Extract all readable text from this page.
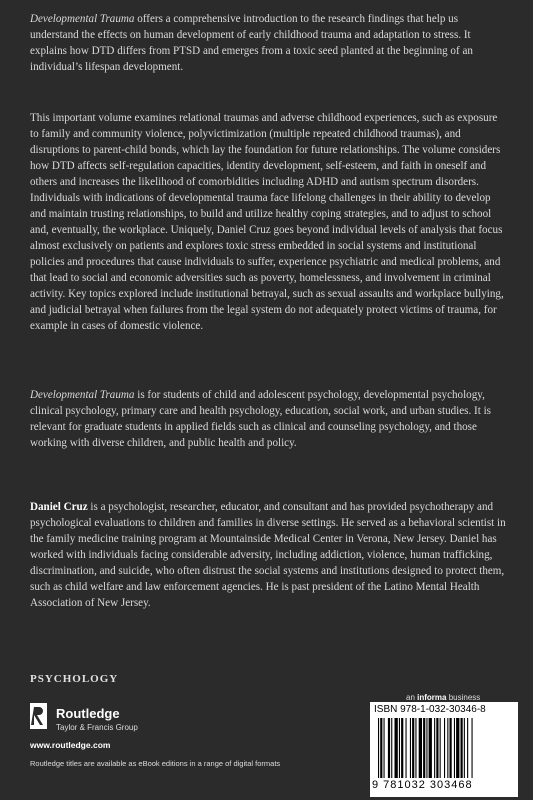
Developmental Trauma offers a comprehensive introduction to the research findings that help us understand the effects on human development of early childhood trauma and adaptation to stress. It explains how DTD differs from PTSD and emerges from a toxic seed planted at the beginning of an individual’s lifespan development.

This important volume examines relational traumas and adverse childhood experiences, such as exposure to family and community violence, polyvictimization (multiple repeated childhood traumas), and disruptions to parent-child bonds, which lay the foundation for future relationships. The volume considers how DTD affects self-regulation capacities, identity development, self-esteem, and faith in oneself and others and increases the likelihood of comorbidities including ADHD and autism spectrum disorders. Individuals with indications of developmental trauma face lifelong challenges in their ability to develop and maintain trusting relationships, to build and utilize healthy coping strategies, and to adjust to school and, eventually, the workplace. Uniquely, Daniel Cruz goes beyond individual levels of analysis that focus almost exclusively on patients and explores toxic stress embedded in social systems and institutional policies and procedures that cause individuals to suffer, experience psychiatric and medical problems, and that lead to social and economic adversities such as poverty, homelessness, and involvement in criminal activity. Key topics explored include institutional betrayal, such as sexual assaults and workplace bullying, and judicial betrayal when failures from the legal system do not adequately protect victims of trauma, for example in cases of domestic violence.

Developmental Trauma is for students of child and adolescent psychology, developmental psychology, clinical psychology, primary care and health psychology, education, social work, and urban studies. It is relevant for graduate students in applied fields such as clinical and counseling psychology, and those working with diverse children, and public health and policy.

Daniel Cruz is a psychologist, researcher, educator, and consultant and has provided psychotherapy and psychological evaluations to children and families in diverse settings. He served as a behavioral scientist in the family medicine training program at Mountainside Medical Center in Verona, New Jersey. Daniel has worked with individuals facing considerable adversity, including addiction, violence, human trafficking, discrimination, and suicide, who often distrust the social systems and institutions designed to protect them, such as child welfare and law enforcement agencies. He is past president of the Latino Mental Health Association of New Jersey.

PSYCHOLOGY
Routledge
Taylor & Francis Group
www.routledge.com
Routledge titles are available as eBook editions in a range of digital formats
an informa business
ISBN 978-1-032-30346-8
9 781032 303468
